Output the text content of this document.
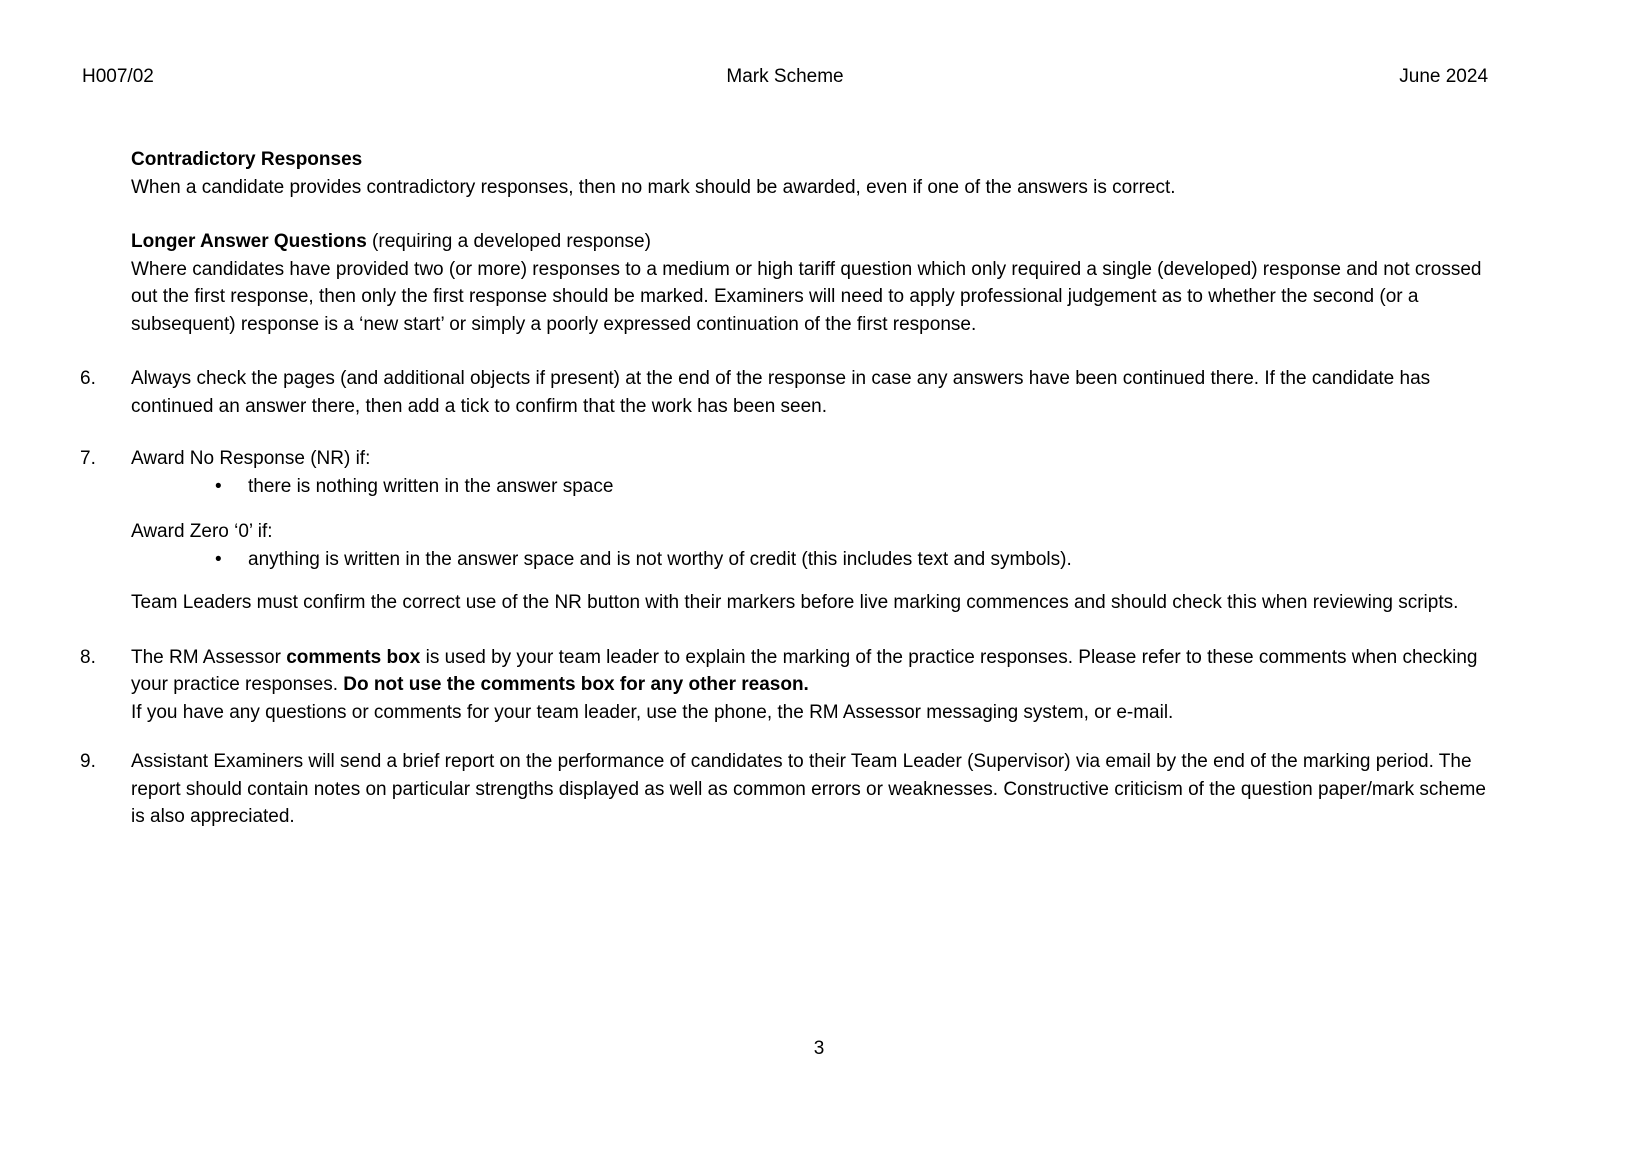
H007/02	Mark Scheme	June 2024
Contradictory Responses
When a candidate provides contradictory responses, then no mark should be awarded, even if one of the answers is correct.
Longer Answer Questions (requiring a developed response)
Where candidates have provided two (or more) responses to a medium or high tariff question which only required a single (developed) response and not crossed out the first response, then only the first response should be marked. Examiners will need to apply professional judgement as to whether the second (or a subsequent) response is a ‘new start’ or simply a poorly expressed continuation of the first response.
6. Always check the pages (and additional objects if present) at the end of the response in case any answers have been continued there. If the candidate has continued an answer there, then add a tick to confirm that the work has been seen.
7. Award No Response (NR) if:
• there is nothing written in the answer space
Award Zero ‘0’ if:
• anything is written in the answer space and is not worthy of credit (this includes text and symbols).
Team Leaders must confirm the correct use of the NR button with their markers before live marking commences and should check this when reviewing scripts.
8. The RM Assessor comments box is used by your team leader to explain the marking of the practice responses. Please refer to these comments when checking your practice responses. Do not use the comments box for any other reason.
If you have any questions or comments for your team leader, use the phone, the RM Assessor messaging system, or e-mail.
9. Assistant Examiners will send a brief report on the performance of candidates to their Team Leader (Supervisor) via email by the end of the marking period. The report should contain notes on particular strengths displayed as well as common errors or weaknesses. Constructive criticism of the question paper/mark scheme is also appreciated.
3
